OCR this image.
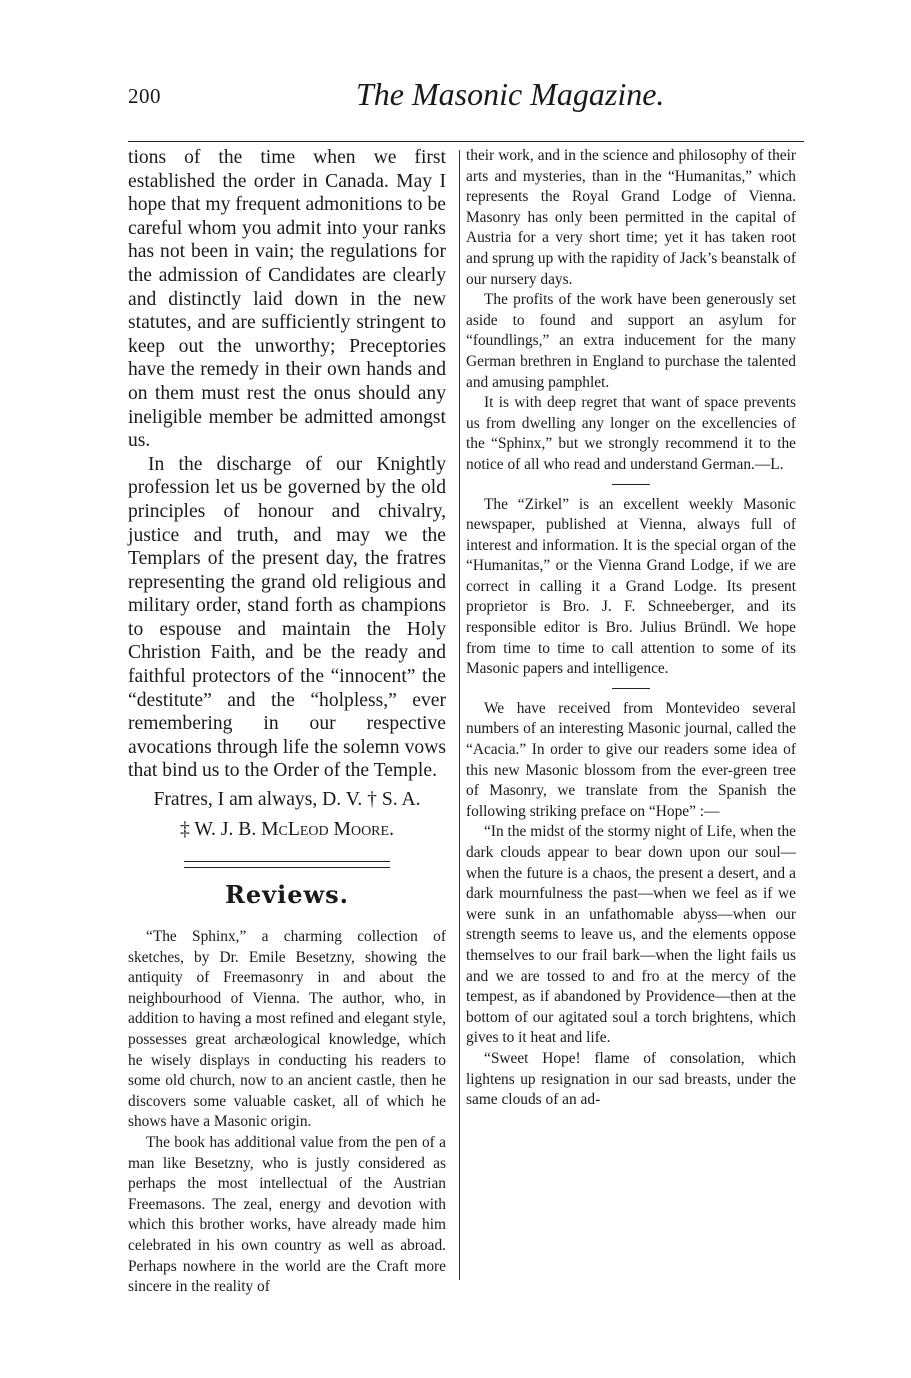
200	The Masonic Magazine.

tions of the time when we first established the order in Canada. May I hope that my frequent admonitions to be careful whom you admit into your ranks has not been in vain; the regulations for the admission of Candidates are clearly and distinctly laid down in the new statutes, and are sufficiently stringent to keep out the unworthy; Preceptories have the remedy in their own hands and on them must rest the onus should any ineligible member be admitted amongst us.

In the discharge of our Knightly profession let us be governed by the old principles of honour and chivalry, justice and truth, and may we the Templars of the present day, the fratres representing the grand old religious and military order, stand forth as champions to espouse and maintain the Holy Christion Faith, and be the ready and faithful protectors of the “innocent” the “destitute” and the “holpless,” ever remembering in our respective avocations through life the solemn vows that bind us to the Order of the Temple.

Fratres, I am always, D. V. † S. A.

‡ W. J. B. McLeod Moore.

Reviews.

“The Sphinx,” a charming collection of sketches, by Dr. Emile Besetzny, showing the antiquity of Freemasonry in and about the neighbourhood of Vienna. The author, who, in addition to having a most refined and elegant style, possesses great archæological knowledge, which he wisely displays in conducting his readers to some old church, now to an ancient castle, then he discovers some valuable casket, all of which he shows have a Masonic origin.

The book has additional value from the pen of a man like Besetzny, who is justly considered as perhaps the most intellectual of the Austrian Freemasons. The zeal, energy and devotion with which this brother works, have already made him celebrated in his own country as well as abroad. Perhaps nowhere in the world are the Craft more sincere in the reality of

their work, and in the science and philosophy of their arts and mysteries, than in the “Humanitas,” which represents the Royal Grand Lodge of Vienna. Masonry has only been permitted in the capital of Austria for a very short time; yet it has taken root and sprung up with the rapidity of Jack’s beanstalk of our nursery days.

The profits of the work have been generously set aside to found and support an asylum for “foundlings,” an extra inducement for the many German brethren in England to purchase the talented and amusing pamphlet.

It is with deep regret that want of space prevents us from dwelling any longer on the excellencies of the “Sphinx,” but we strongly recommend it to the notice of all who read and understand German.—L.

The “Zirkel” is an excellent weekly Masonic newspaper, published at Vienna, always full of interest and information. It is the special organ of the “Humanitas,” or the Vienna Grand Lodge, if we are correct in calling it a Grand Lodge. Its present proprietor is Bro. J. F. Schneeberger, and its responsible editor is Bro. Julius Bründl. We hope from time to time to call attention to some of its Masonic papers and intelligence.

We have received from Montevideo several numbers of an interesting Masonic journal, called the “Acacia.” In order to give our readers some idea of this new Masonic blossom from the ever-green tree of Masonry, we translate from the Spanish the following striking preface on “Hope” :—

“In the midst of the stormy night of Life, when the dark clouds appear to bear down upon our soul—when the future is a chaos, the present a desert, and a dark mournfulness the past—when we feel as if we were sunk in an unfathomable abyss—when our strength seems to leave us, and the elements oppose themselves to our frail bark—when the light fails us and we are tossed to and fro at the mercy of the tempest, as if abandoned by Providence—then at the bottom of our agitated soul a torch brightens, which gives to it heat and life.

“Sweet Hope! flame of consolation, which lightens up resignation in our sad breasts, under the same clouds of an ad-
